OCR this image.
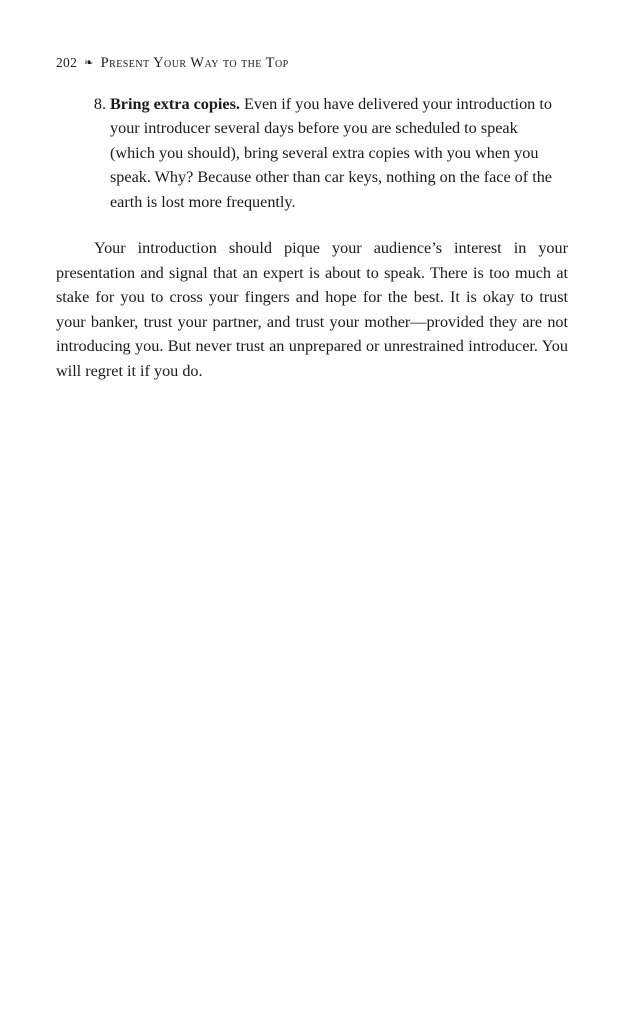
202 ❧ Present Your Way to the Top
8. Bring extra copies. Even if you have delivered your introduction to your introducer several days before you are scheduled to speak (which you should), bring several extra copies with you when you speak. Why? Because other than car keys, nothing on the face of the earth is lost more frequently.

Your introduction should pique your audience’s interest in your presentation and signal that an expert is about to speak. There is too much at stake for you to cross your fingers and hope for the best. It is okay to trust your banker, trust your partner, and trust your mother—provided they are not introducing you. But never trust an unprepared or unrestrained introducer. You will regret it if you do.
